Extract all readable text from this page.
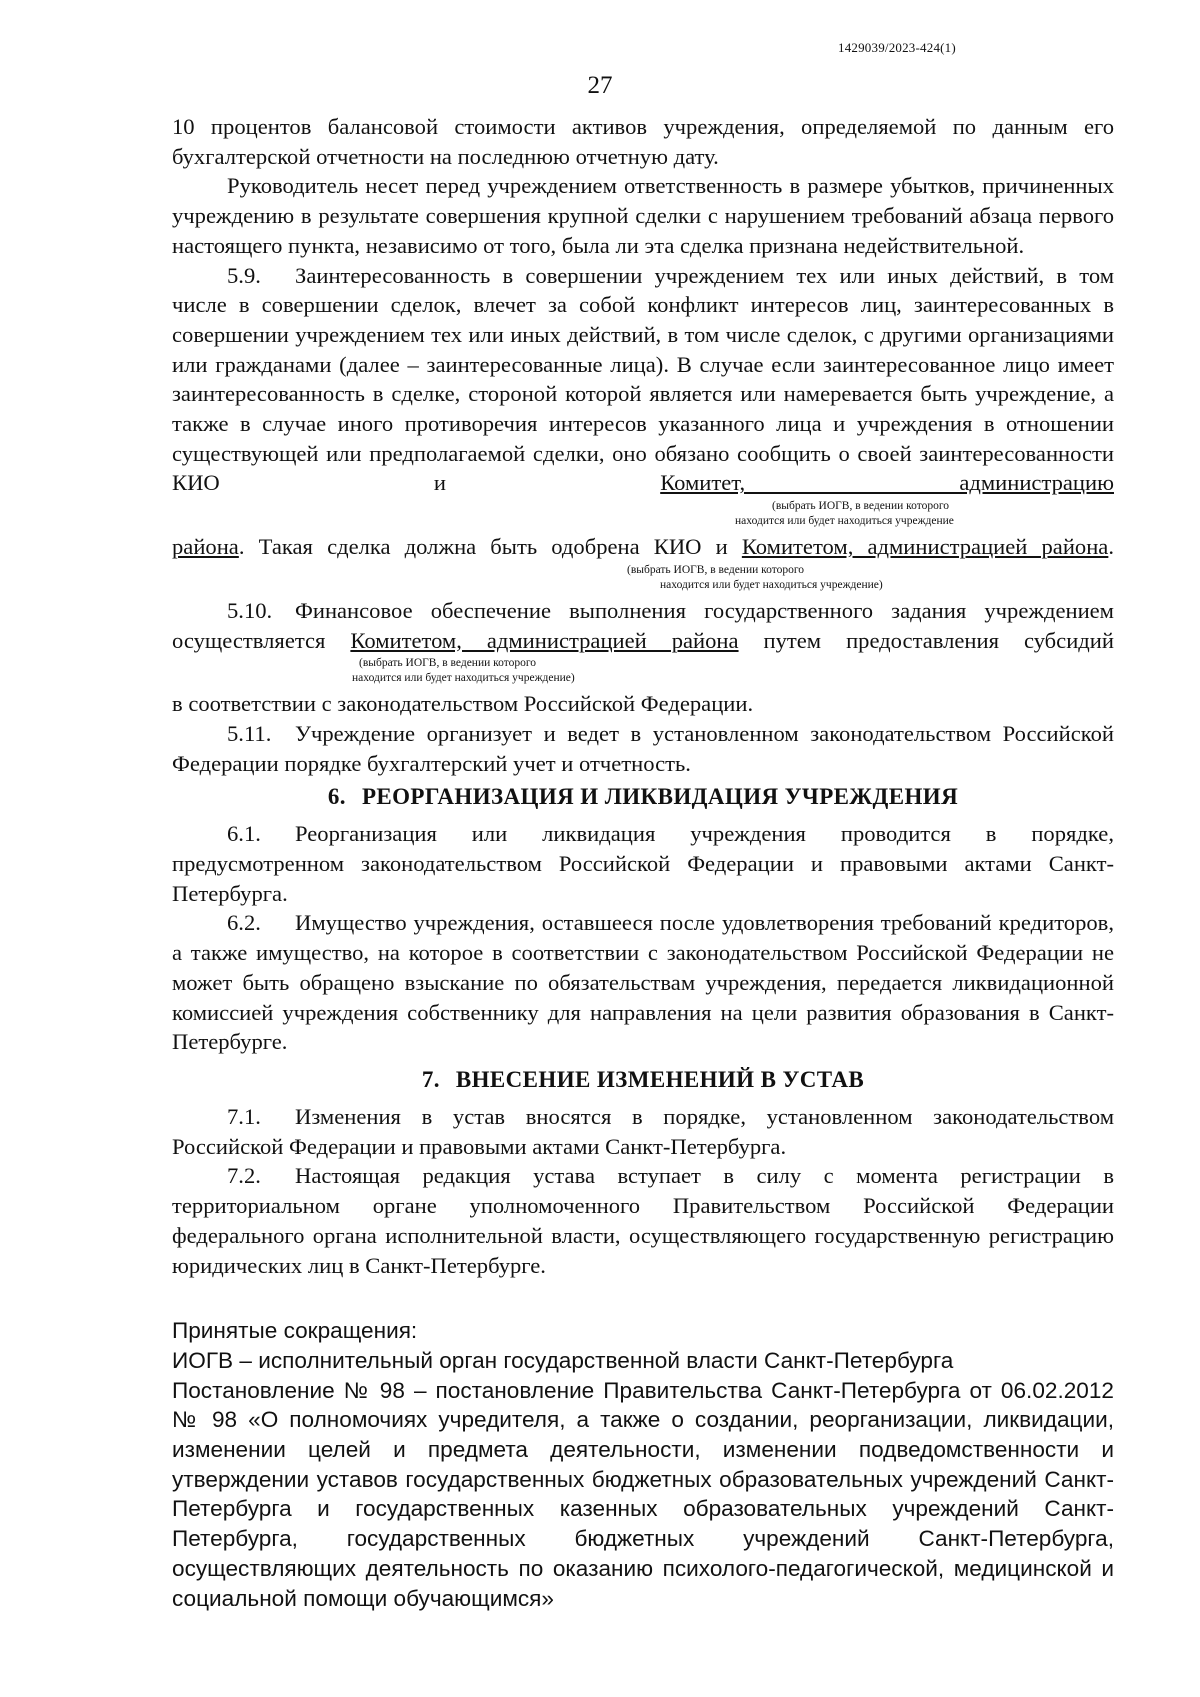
1429039/2023-424(1)
27

10 процентов балансовой стоимости активов учреждения, определяемой по данным его бухгалтерской отчетности на последнюю отчетную дату.

Руководитель несет перед учреждением ответственность в размере убытков, причиненных учреждению в результате совершения крупной сделки с нарушением требований абзаца первого настоящего пункта, независимо от того, была ли эта сделка признана недействительной.

5.9. Заинтересованность в совершении учреждением тех или иных действий, в том числе в совершении сделок, влечет за собой конфликт интересов лиц, заинтересованных в совершении учреждением тех или иных действий, в том числе сделок, с другими организациями или гражданами (далее – заинтересованные лица). В случае если заинтересованное лицо имеет заинтересованность в сделке, стороной которой является или намеревается быть учреждение, а также в случае иного противоречия интересов указанного лица и учреждения в отношении существующей или предполагаемой сделки, оно обязано сообщить о своей заинтересованности КИО и	Комитет, администрацию

(выбрать ИОГВ, в ведении которого

находится или будет находиться учреждение

района. Такая сделка должна быть одобрена КИО и Комитетом, администрацией района.

(выбрать ИОГВ, в ведении которого

находится или будет находиться учреждение)

5.10. Финансовое обеспечение выполнения государственного задания учреждением осуществляется Комитетом, администрацией района путем предоставления субсидий

(выбрать ИОГВ, в ведении которого

находится или будет находиться учреждение)

в соответствии с законодательством Российской Федерации.

5.11. Учреждение организует и ведет в установленном законодательством Российской Федерации порядке бухгалтерский учет и отчетность.

6. РЕОРГАНИЗАЦИЯ И ЛИКВИДАЦИЯ УЧРЕЖДЕНИЯ

6.1. Реорганизация или ликвидация учреждения проводится в порядке, предусмотренном законодательством Российской Федерации и правовыми актами Санкт-Петербурга.

6.2. Имущество учреждения, оставшееся после удовлетворения требований кредиторов, а также имущество, на которое в соответствии с законодательством Российской Федерации не может быть обращено взыскание по обязательствам учреждения, передается ликвидационной комиссией учреждения собственнику для направления на цели развития образования в Санкт-Петербурге.

7. ВНЕСЕНИЕ ИЗМЕНЕНИЙ В УСТАВ

7.1. Изменения в устав вносятся в порядке, установленном законодательством Российской Федерации и правовыми актами Санкт-Петербурга.

7.2. Настоящая редакция устава вступает в силу с момента регистрации в территориальном органе уполномоченного Правительством Российской Федерации федерального органа исполнительной власти, осуществляющего государственную регистрацию юридических лиц в Санкт-Петербурге.

Принятые сокращения:

ИОГВ – исполнительный орган государственной власти Санкт-Петербурга

Постановление № 98 – постановление Правительства Санкт-Петербурга от 06.02.2012 № 98 «О полномочиях учредителя, а также о создании, реорганизации, ликвидации, изменении целей и предмета деятельности, изменении подведомственности и утверждении уставов государственных бюджетных образовательных учреждений Санкт-Петербурга и государственных казенных образовательных учреждений Санкт-Петербурга, государственных бюджетных учреждений Санкт-Петербурга, осуществляющих деятельность по оказанию психолого-педагогической, медицинской и социальной помощи обучающимся»
